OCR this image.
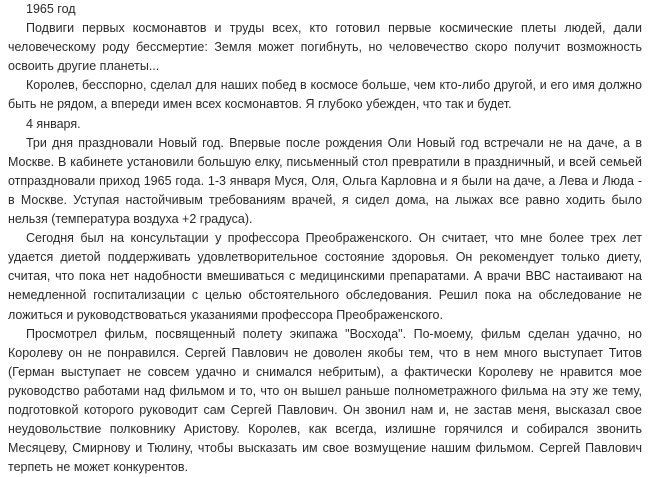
1965 год

Подвиги первых космонавтов и труды всех, кто готовил первые космические плеты людей, дали человеческому роду бессмертие: Земля может погибнуть, но человечество скоро получит возможность освоить другие планеты...

Королев, бесспорно, сделал для наших побед в космосе больше, чем кто-либо другой, и его имя должно быть не рядом, а впереди имен всех космонавтов. Я глубоко убежден, что так и будет.

4 января.

Три дня праздновали Новый год. Впервые после рождения Оли Новый год встречали не на даче, а в Москве. В кабинете установили большую елку, письменный стол превратили в праздничный, и всей семьей отпраздновали приход 1965 года. 1-3 января Муся, Оля, Ольга Карловна и я были на даче, а Лева и Люда - в Москве. Уступая настойчивым требованиям врачей, я сидел дома, на лыжах все равно ходить было нельзя (температура воздуха +2 градуса).

Сегодня был на консультации у профессора Преображенского. Он считает, что мне более трех лет удается диетой поддерживать удовлетворительное состояние здоровья. Он рекомендует только диету, считая, что пока нет надобности вмешиваться с медицинскими препаратами. А врачи ВВС настаивают на немедленной госпитализации с целью обстоятельного обследования. Решил пока на обследование не ложиться и руководствоваться указаниями профессора Преображенского.

Просмотрел фильм, посвященный полету экипажа "Восхода". По-моему, фильм сделан удачно, но Королеву он не понравился. Сергей Павлович не доволен якобы тем, что в нем много выступает Титов (Герман выступает не совсем удачно и снимался небритым), а фактически Королеву не нравится мое руководство работами над фильмом и то, что он вышел раньше полнометражного фильма на эту же тему, подготовкой которого руководит сам Сергей Павлович. Он звонил нам и, не застав меня, высказал свое неудовольствие полковнику Аристову. Королев, как всегда, излишне горячился и собирался звонить Месяцеву, Смирнову и Тюлину, чтобы высказать им свое возмущение нашим фильмом. Сергей Павлович терпеть не может конкурентов.
